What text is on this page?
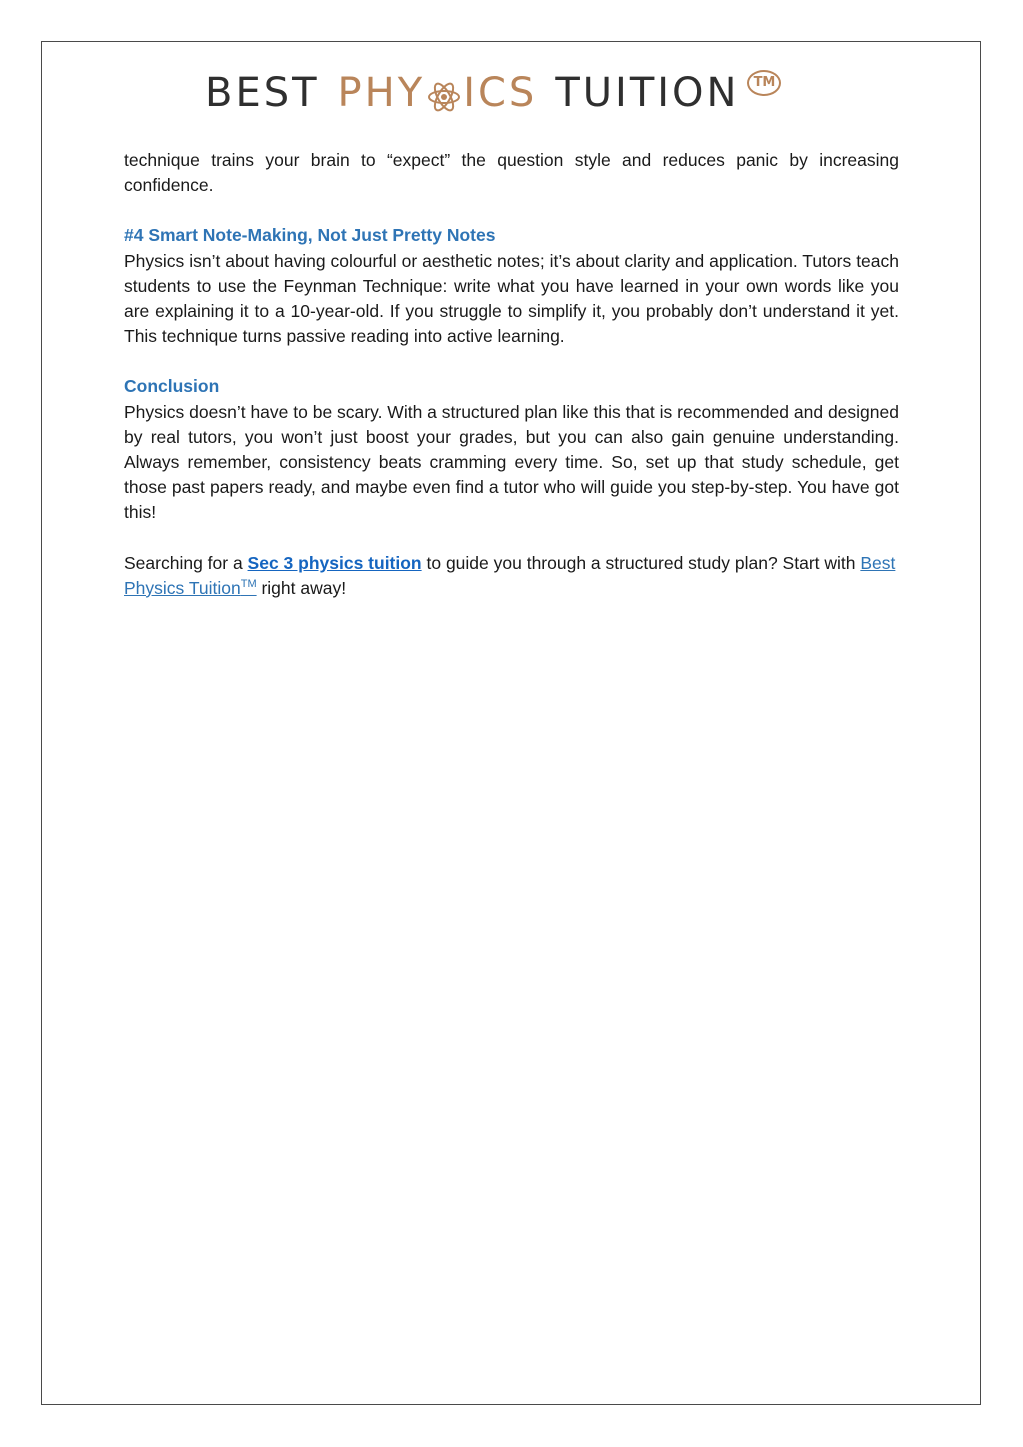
BEST PHY ICS TUITION	TM

technique trains your brain to “expect” the question style and reduces panic by increasing confidence.

#4 Smart Note-Making, Not Just Pretty Notes

Physics isn’t about having colourful or aesthetic notes; it’s about clarity and application. Tutors teach students to use the Feynman Technique: write what you have learned in your own words like you are explaining it to a 10-year-old. If you struggle to simplify it, you probably don’t understand it yet. This technique turns passive reading into active learning.

Conclusion

Physics doesn’t have to be scary. With a structured plan like this that is recommended and designed by real tutors, you won’t just boost your grades, but you can also gain genuine understanding. Always remember, consistency beats cramming every time. So, set up that study schedule, get those past papers ready, and maybe even find a tutor who will guide you step-by-step. You have got this!

Searching for a Sec 3 physics tuition to guide you through a structured study plan? Start with Best Physics Tuition™ right away!
